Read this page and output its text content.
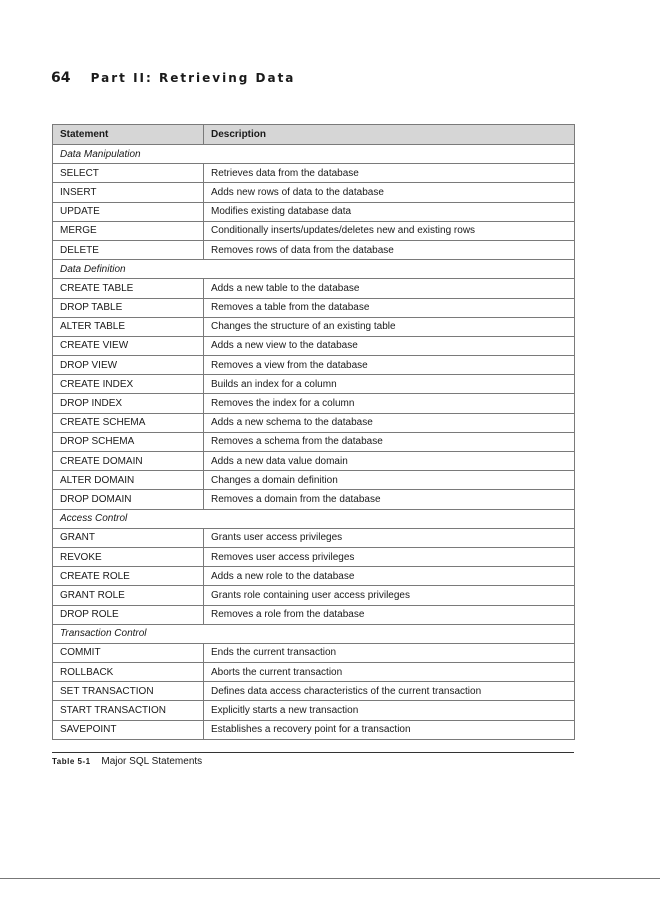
64 Part II: Retrieving Data
Statement	Description
Data Manipulation	
SELECT	Retrieves data from the database
INSERT	Adds new rows of data to the database
UPDATE	Modifies existing database data
MERGE	Conditionally inserts/updates/deletes new and existing rows
DELETE	Removes rows of data from the database
Data Definition	
CREATE TABLE	Adds a new table to the database
DROP TABLE	Removes a table from the database
ALTER TABLE	Changes the structure of an existing table
CREATE VIEW	Adds a new view to the database
DROP VIEW	Removes a view from the database
CREATE INDEX	Builds an index for a column
DROP INDEX	Removes the index for a column
CREATE SCHEMA	Adds a new schema to the database
DROP SCHEMA	Removes a schema from the database
CREATE DOMAIN	Adds a new data value domain
ALTER DOMAIN	Changes a domain definition
DROP DOMAIN	Removes a domain from the database
Access Control	
GRANT	Grants user access privileges
REVOKE	Removes user access privileges
CREATE ROLE	Adds a new role to the database
GRANT ROLE	Grants role containing user access privileges
DROP ROLE	Removes a role from the database
Transaction Control	
COMMIT	Ends the current transaction
ROLLBACK	Aborts the current transaction
SET TRANSACTION	Defines data access characteristics of the current transaction
START TRANSACTION	Explicitly starts a new transaction
SAVEPOINT	Establishes a recovery point for a transaction
Table 5-1 Major SQL Statements
